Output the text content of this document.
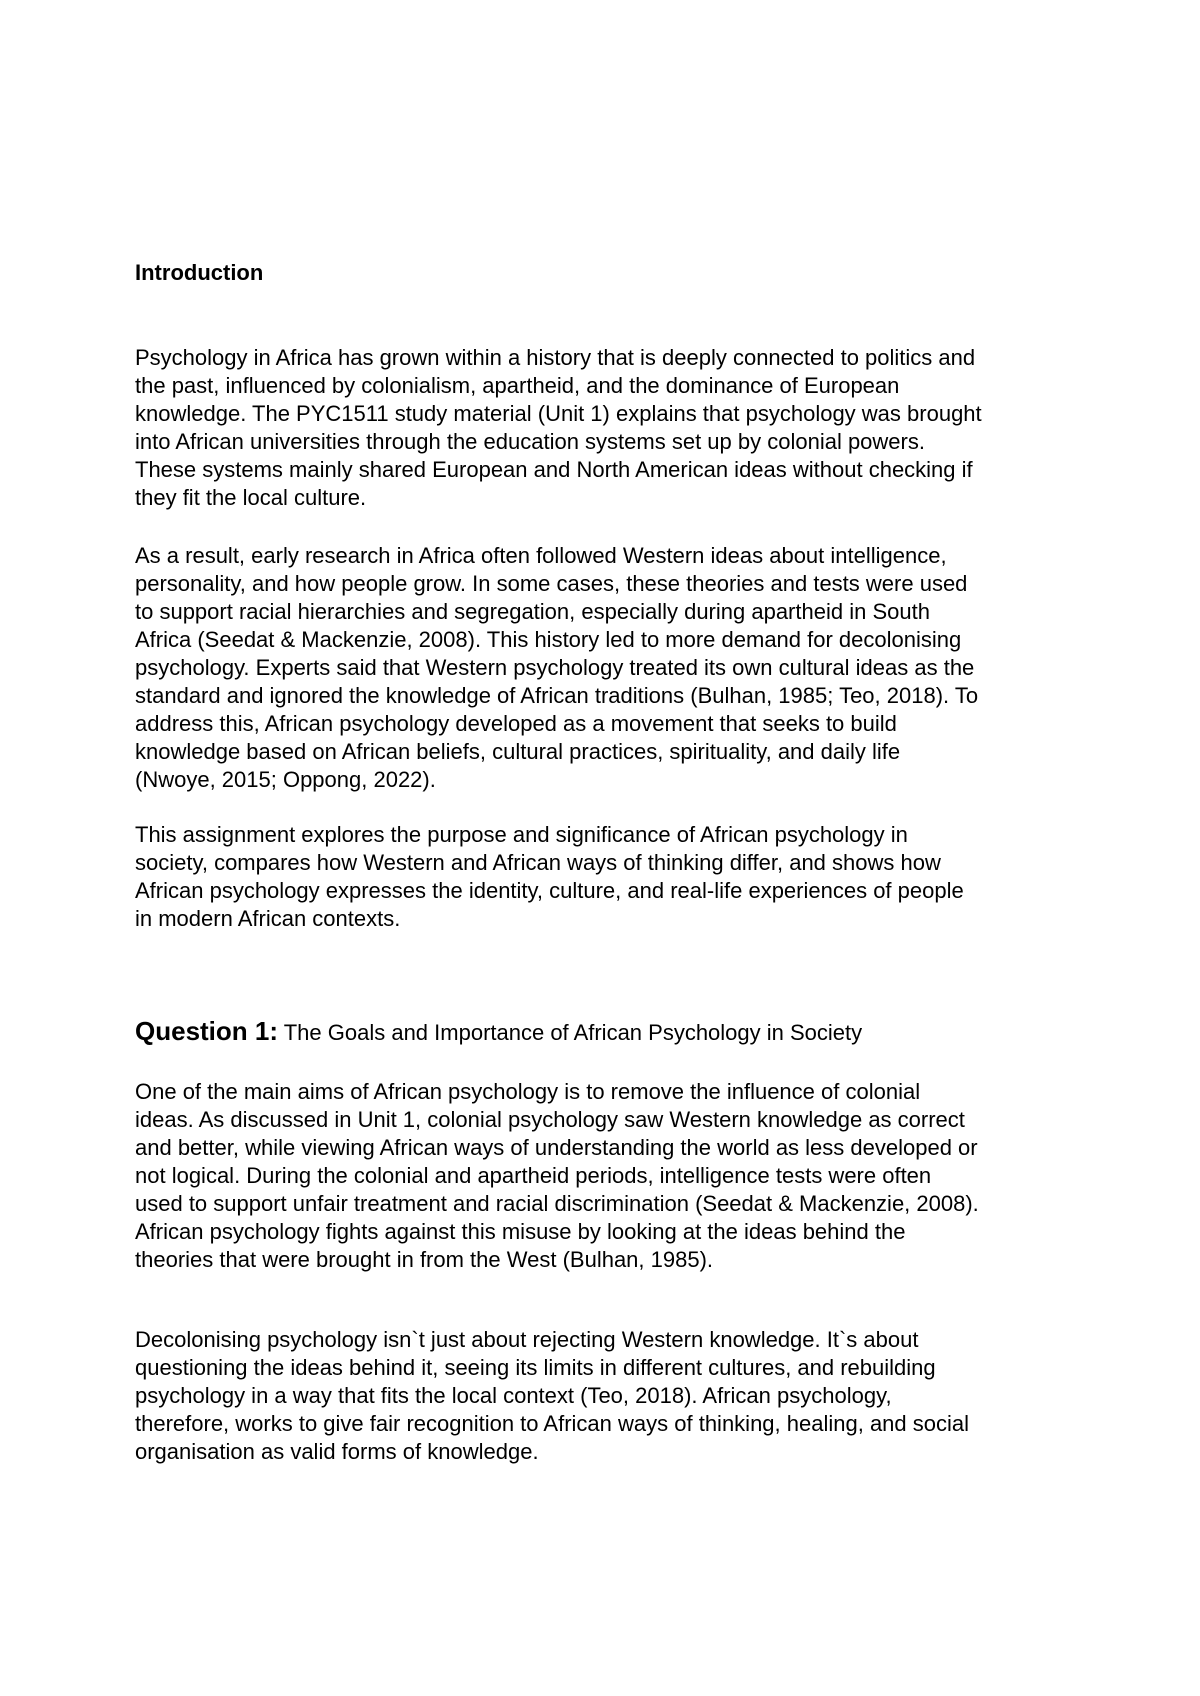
Introduction

Psychology in Africa has grown within a history that is deeply connected to politics and
the past, influenced by colonialism, apartheid, and the dominance of European
knowledge. The PYC1511 study material (Unit 1) explains that psychology was brought
into African universities through the education systems set up by colonial powers.
These systems mainly shared European and North American ideas without checking if
they fit the local culture.

As a result, early research in Africa often followed Western ideas about intelligence,
personality, and how people grow. In some cases, these theories and tests were used
to support racial hierarchies and segregation, especially during apartheid in South
Africa (Seedat & Mackenzie, 2008). This history led to more demand for decolonising
psychology. Experts said that Western psychology treated its own cultural ideas as the
standard and ignored the knowledge of African traditions (Bulhan, 1985; Teo, 2018). To
address this, African psychology developed as a movement that seeks to build
knowledge based on African beliefs, cultural practices, spirituality, and daily life
(Nwoye, 2015; Oppong, 2022).

This assignment explores the purpose and significance of African psychology in
society, compares how Western and African ways of thinking differ, and shows how
African psychology expresses the identity, culture, and real-life experiences of people
in modern African contexts.

Question 1: The Goals and Importance of African Psychology in Society

One of the main aims of African psychology is to remove the influence of colonial
ideas. As discussed in Unit 1, colonial psychology saw Western knowledge as correct
and better, while viewing African ways of understanding the world as less developed or
not logical. During the colonial and apartheid periods, intelligence tests were often
used to support unfair treatment and racial discrimination (Seedat & Mackenzie, 2008).
African psychology fights against this misuse by looking at the ideas behind the
theories that were brought in from the West (Bulhan, 1985).

Decolonising psychology isn`t just about rejecting Western knowledge. It`s about
questioning the ideas behind it, seeing its limits in different cultures, and rebuilding
psychology in a way that fits the local context (Teo, 2018). African psychology,
therefore, works to give fair recognition to African ways of thinking, healing, and social
organisation as valid forms of knowledge.
